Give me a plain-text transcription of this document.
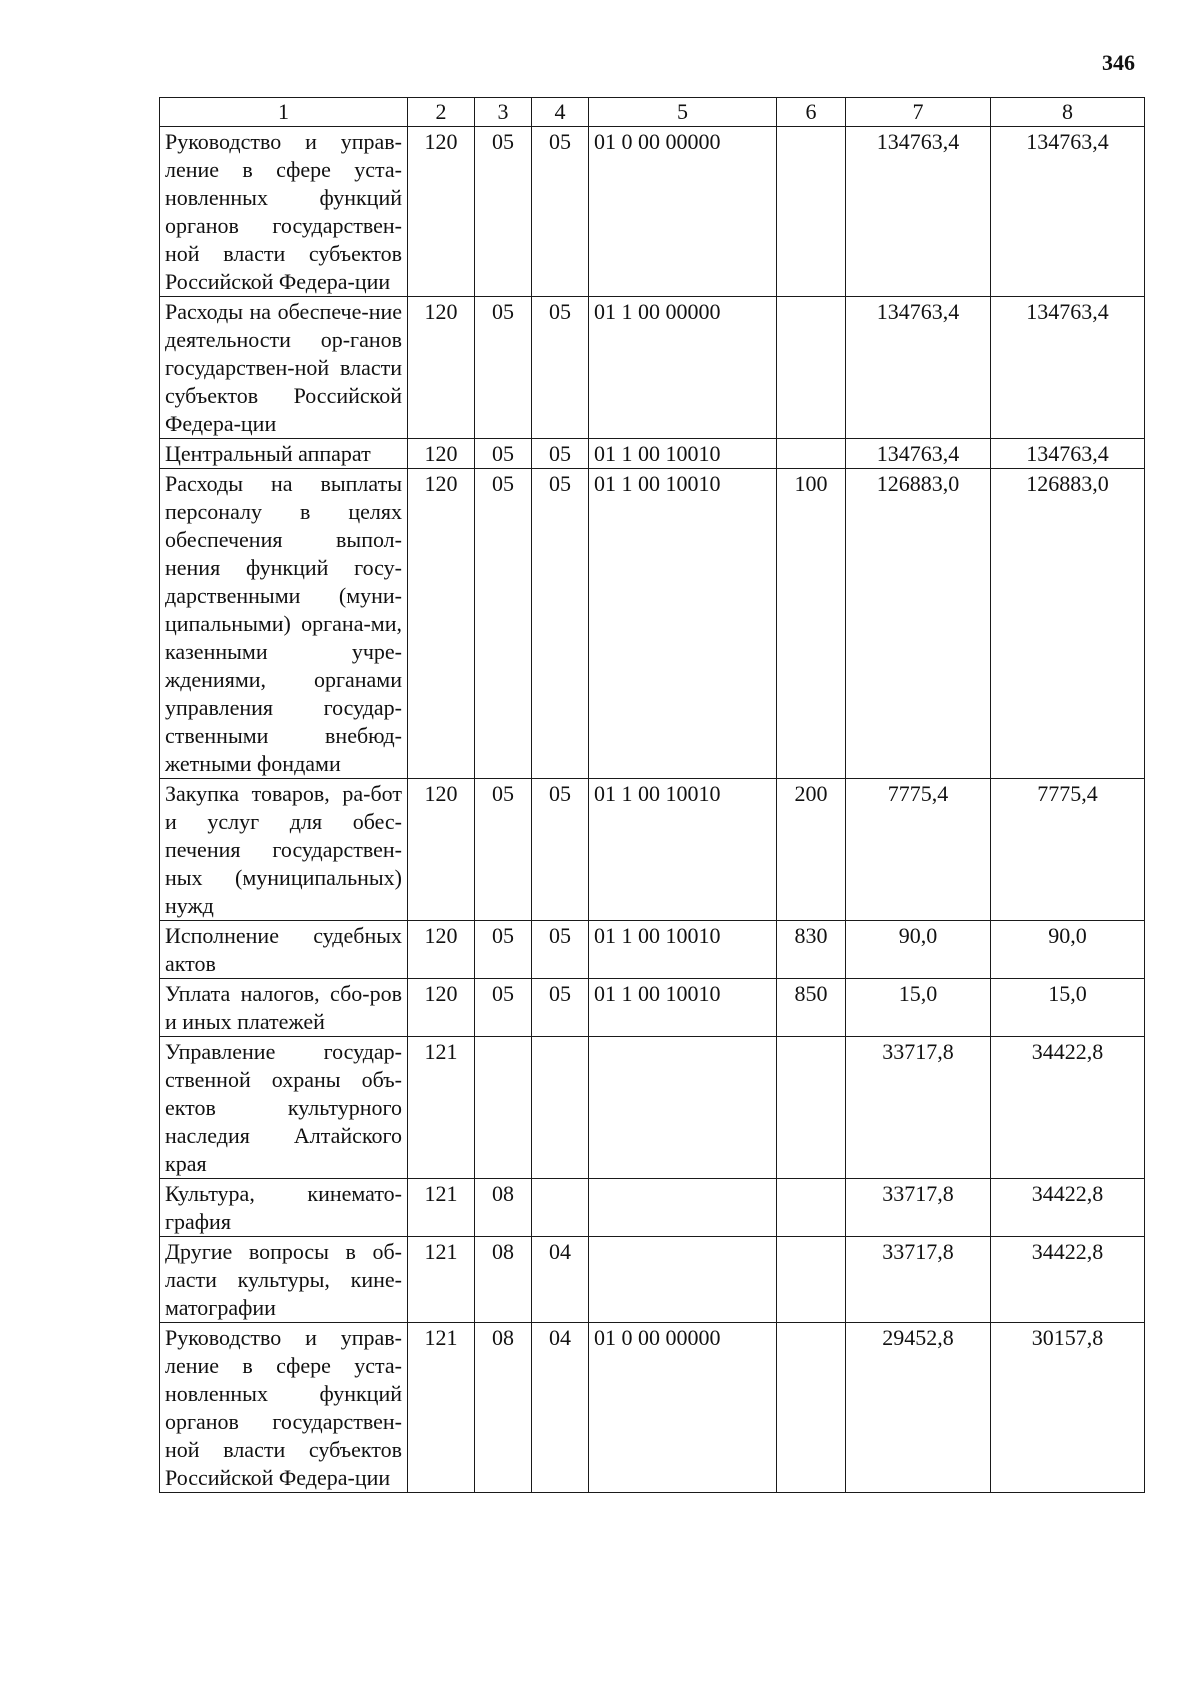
346
1	2	3	4	5	6	7	8
Руководство и управ-ление в сфере уста-новленных функций органов государствен-ной власти субъектов Российской Федера-ции	120	05	05	01 0 00 00000		134763,4	134763,4
Расходы на обеспече-ние деятельности ор-ганов государствен-ной власти субъектов Российской Федера-ции	120	05	05	01 1 00 00000		134763,4	134763,4
Центральный аппарат	120	05	05	01 1 00 10010		134763,4	134763,4
Расходы на выплаты персоналу в целях обеспечения выпол-нения функций госу-дарственными (муни-ципальными) органа-ми, казенными учре-ждениями, органами управления государ-ственными внебюд-жетными фондами	120	05	05	01 1 00 10010	100	126883,0	126883,0
Закупка товаров, ра-бот и услуг для обес-печения государствен-ных (муниципальных) нужд	120	05	05	01 1 00 10010	200	7775,4	7775,4
Исполнение судебных актов	120	05	05	01 1 00 10010	830	90,0	90,0
Уплата налогов, сбо-ров и иных платежей	120	05	05	01 1 00 10010	850	15,0	15,0
Управление государ-ственной охраны объ-ектов культурного наследия Алтайского края	121					33717,8	34422,8
Культура, кинемато-графия	121	08				33717,8	34422,8
Другие вопросы в об-ласти культуры, кине-матографии	121	08	04			33717,8	34422,8
Руководство и управ-ление в сфере уста-новленных функций органов государствен-ной власти субъектов Российской Федера-ции	121	08	04	01 0 00 00000		29452,8	30157,8
